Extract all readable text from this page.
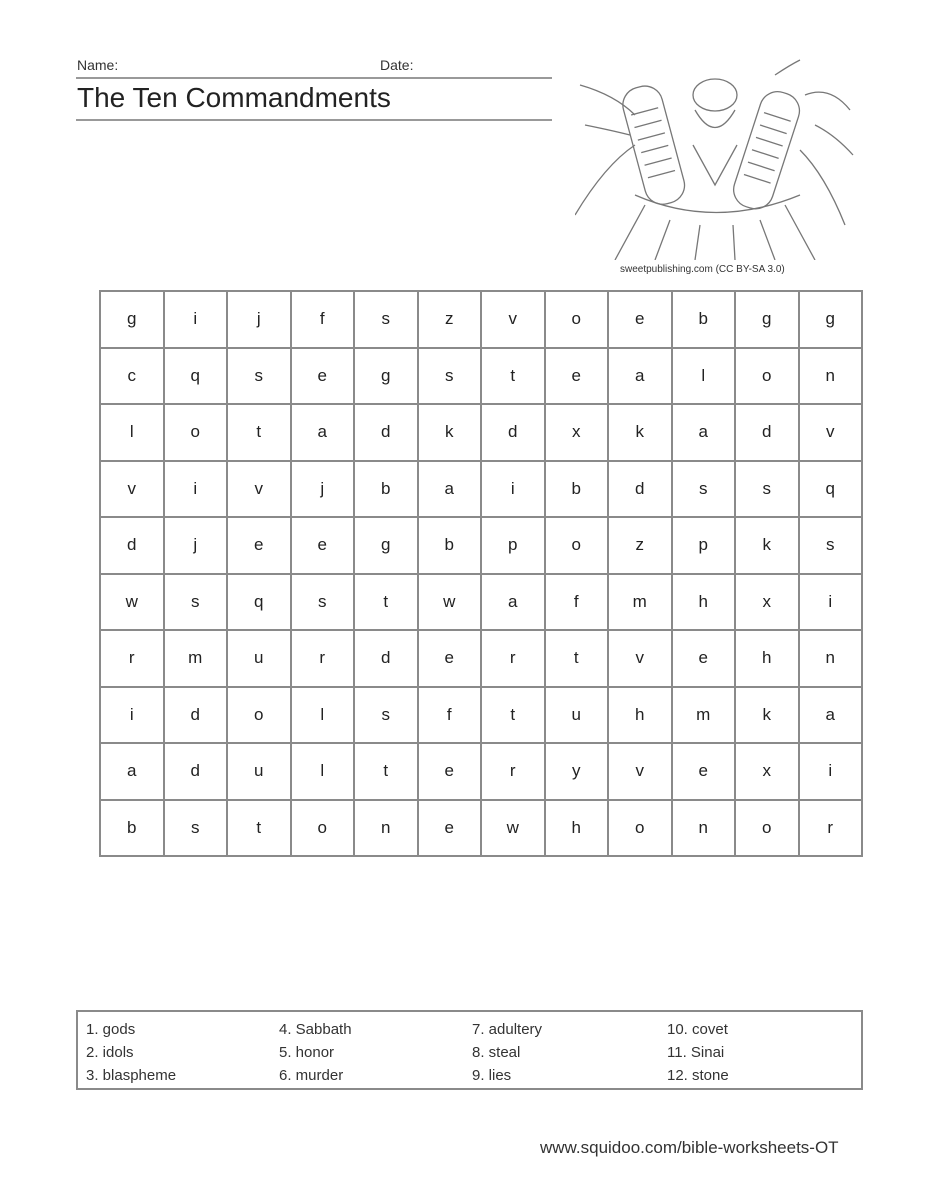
Name:	Date:
The Ten Commandments
sweetpublishing.com (CC BY-SA 3.0)
g	i	j	f	s	z	v	o	e	b	g	g
c	q	s	e	g	s	t	e	a	l	o	n
l	o	t	a	d	k	d	x	k	a	d	v
v	i	v	j	b	a	i	b	d	s	s	q
d	j	e	e	g	b	p	o	z	p	k	s
w	s	q	s	t	w	a	f	m	h	x	i
r	m	u	r	d	e	r	t	v	e	h	n
i	d	o	l	s	f	t	u	h	m	k	a
a	d	u	l	t	e	r	y	v	e	x	i
b	s	t	o	n	e	w	h	o	n	o	r
1. gods
2. idols
3. blaspheme
4. Sabbath
5. honor
6. murder
7. adultery
8. steal
9. lies
10. covet
11. Sinai
12. stone
www.squidoo.com/bible-worksheets-OT
